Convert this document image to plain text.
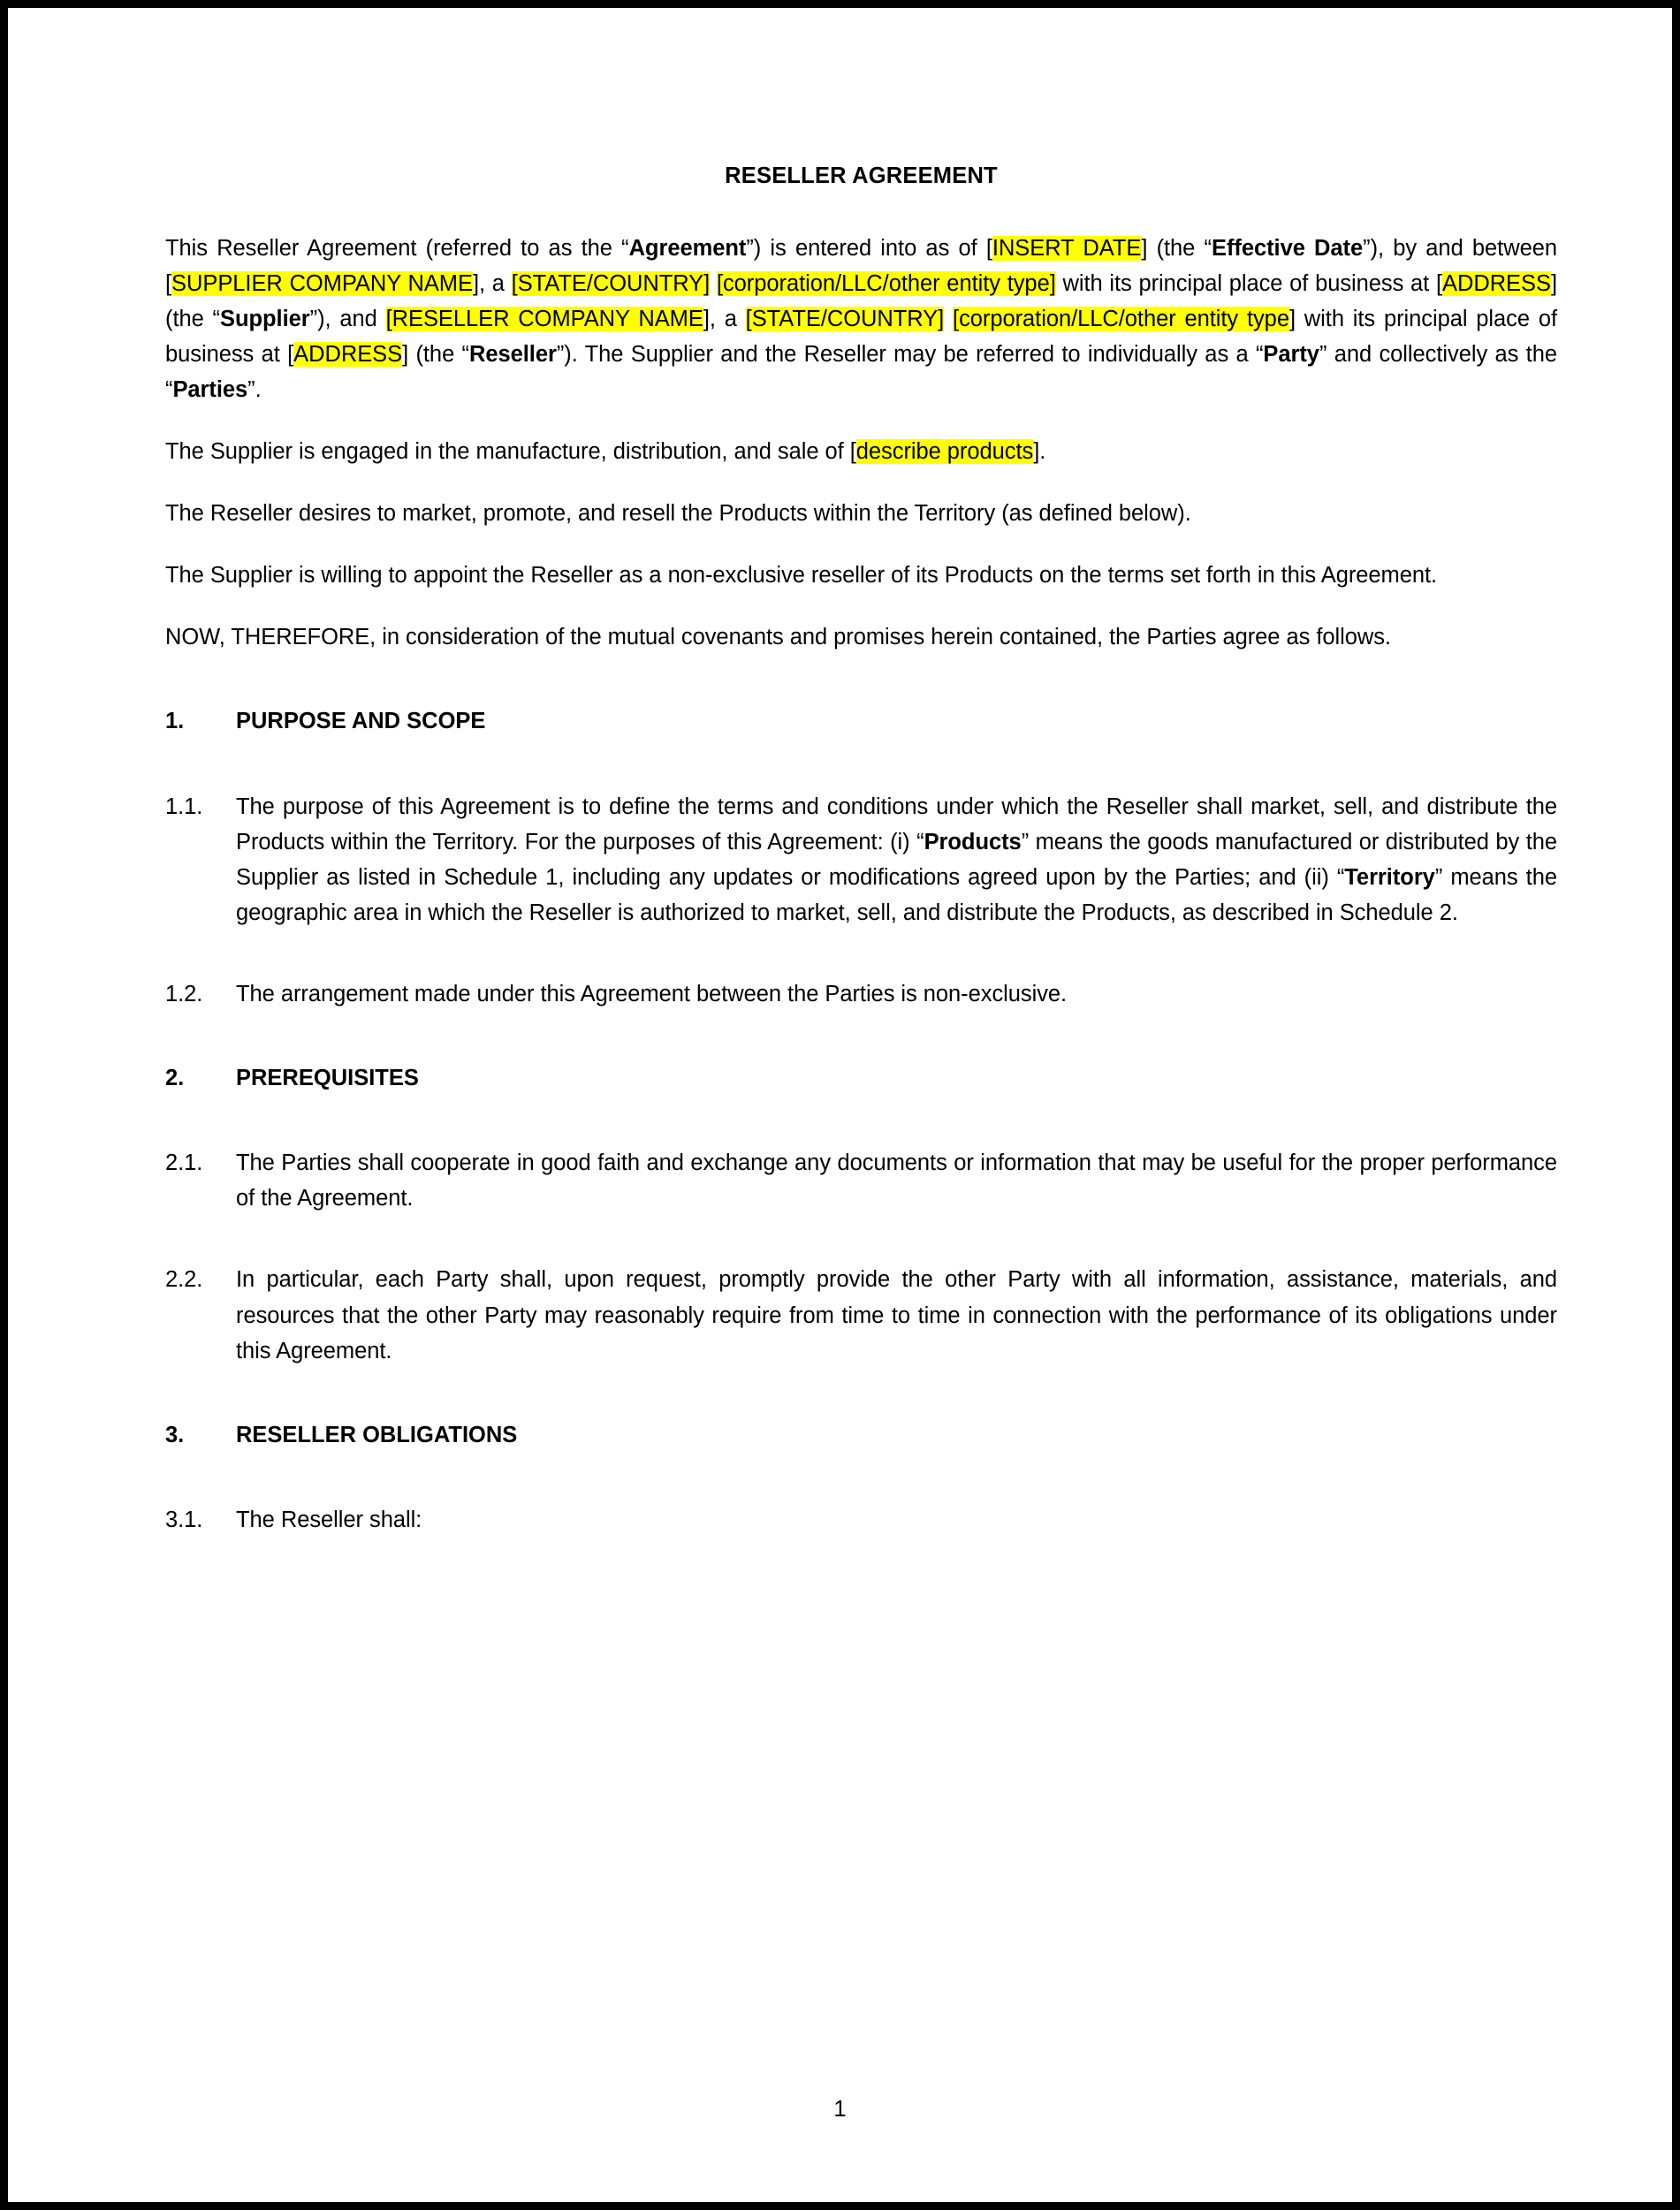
RESELLER AGREEMENT

This Reseller Agreement (referred to as the “Agreement”) is entered into as of [INSERT DATE] (the “Effective Date”), by and between [SUPPLIER COMPANY NAME], a [STATE/COUNTRY] [corporation/LLC/other entity type] with its principal place of business at [ADDRESS] (the “Supplier”), and [RESELLER COMPANY NAME], a [STATE/COUNTRY] [corporation/LLC/other entity type] with its principal place of business at [ADDRESS] (the “Reseller”). The Supplier and the Reseller may be referred to individually as a “Party” and collectively as the “Parties”.

The Supplier is engaged in the manufacture, distribution, and sale of [describe products].

The Reseller desires to market, promote, and resell the Products within the Territory (as defined below).

The Supplier is willing to appoint the Reseller as a non-exclusive reseller of its Products on the terms set forth in this Agreement.

NOW, THEREFORE, in consideration of the mutual covenants and promises herein contained, the Parties agree as follows.

1.	PURPOSE AND SCOPE
1.1.	The purpose of this Agreement is to define the terms and conditions under which the Reseller shall market, sell, and distribute the Products within the Territory. For the purposes of this Agreement: (i) “Products” means the goods manufactured or distributed by the Supplier as listed in Schedule 1, including any updates or modifications agreed upon by the Parties; and (ii) “Territory” means the geographic area in which the Reseller is authorized to market, sell, and distribute the Products, as described in Schedule 2.
1.2.	The arrangement made under this Agreement between the Parties is non-exclusive.
2.	PREREQUISITES
2.1.	The Parties shall cooperate in good faith and exchange any documents or information that may be useful for the proper performance of the Agreement.
2.2.	In particular, each Party shall, upon request, promptly provide the other Party with all information, assistance, materials, and resources that the other Party may reasonably require from time to time in connection with the performance of its obligations under this Agreement.
3.	RESELLER OBLIGATIONS
3.1.	The Reseller shall:
1
